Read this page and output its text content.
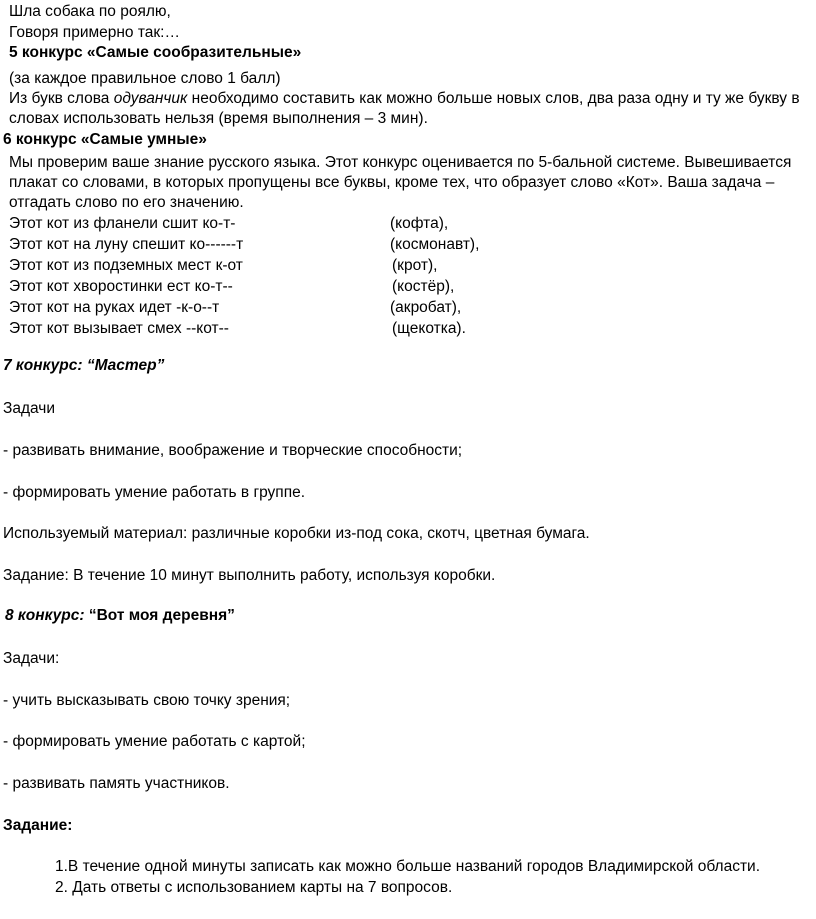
Шла собака по роялю,
Говоря примерно так:…
5 конкурс «Самые сообразительные»
(за каждое правильное слово 1 балл)
Из букв слова одуванчик необходимо составить как можно больше новых слов, два раза одну и ту же букву в
словах использовать нельзя (время выполнения – 3 мин).
6 конкурс «Самые умные»
Мы проверим ваше знание русского языка. Этот конкурс оценивается по 5-бальной системе. Вывешивается
плакат со словами, в которых пропущены все буквы, кроме тех, что образует слово «Кот». Ваша задача –
отгадать слово по его значению.
Этот кот из фланели сшит ко-т-	(кофта),
Этот кот на луну спешит ко------т	(космонавт),
Этот кот из подземных мест к-от	(крот),
Этот кот хворостинки ест ко-т--	(костёр),
Этот кот на руках идет -к-о--т	(акробат),
Этот кот вызывает смех --кот--	(щекотка).
7 конкурс: “Мастер”
Задачи
- развивать внимание, воображение и творческие способности;
- формировать умение работать в группе.
Используемый материал: различные коробки из-под сока, скотч, цветная бумага.
Задание: В течение 10 минут выполнить работу, используя коробки.
8 конкурс: “Вот моя деревня”
Задачи:
- учить высказывать свою точку зрения;
- формировать умение работать с картой;
- развивать память участников.
Задание:
1.В течение одной минуты записать как можно больше названий городов Владимирской области.
2. Дать ответы с использованием карты на 7 вопросов.
